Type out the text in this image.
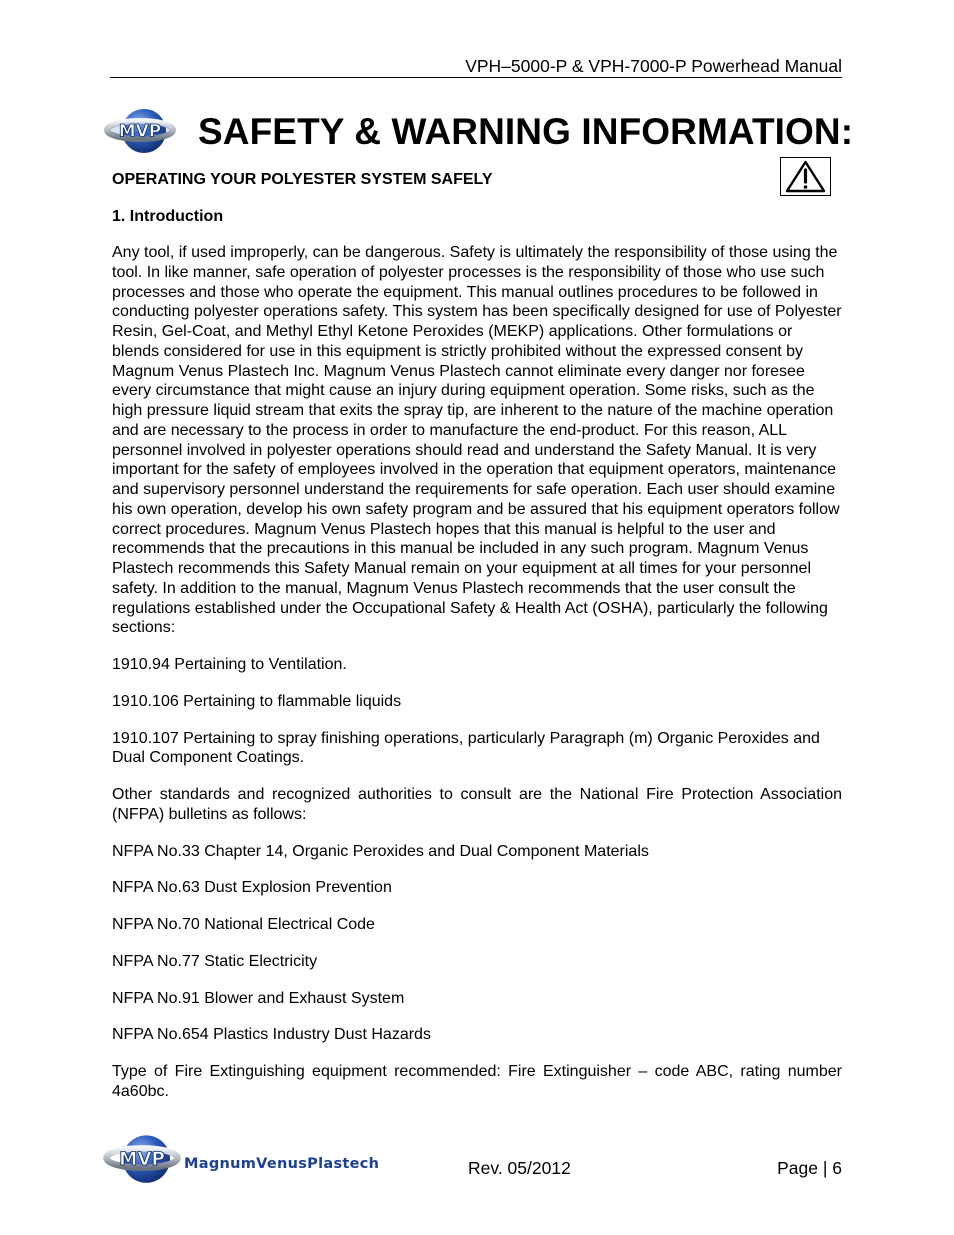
VPH–5000-P & VPH-7000-P Powerhead Manual
MVP SAFETY & WARNING INFORMATION:
OPERATING YOUR POLYESTER SYSTEM SAFELY
1. Introduction

Any tool, if used improperly, can be dangerous. Safety is ultimately the responsibility of those using the tool. In like manner, safe operation of polyester processes is the responsibility of those who use such processes and those who operate the equipment. This manual outlines procedures to be followed in conducting polyester operations safety. This system has been specifically designed for use of Polyester Resin, Gel-Coat, and Methyl Ethyl Ketone Peroxides (MEKP) applications. Other formulations or blends considered for use in this equipment is strictly prohibited without the expressed consent by Magnum Venus Plastech Inc. Magnum Venus Plastech cannot eliminate every danger nor foresee every circumstance that might cause an injury during equipment operation. Some risks, such as the high pressure liquid stream that exits the spray tip, are inherent to the nature of the machine operation and are necessary to the process in order to manufacture the end-product. For this reason, ALL personnel involved in polyester operations should read and understand the Safety Manual. It is very important for the safety of employees involved in the operation that equipment operators, maintenance and supervisory personnel understand the requirements for safe operation. Each user should examine his own operation, develop his own safety program and be assured that his equipment operators follow correct procedures. Magnum Venus Plastech hopes that this manual is helpful to the user and recommends that the precautions in this manual be included in any such program. Magnum Venus Plastech recommends this Safety Manual remain on your equipment at all times for your personnel safety. In addition to the manual, Magnum Venus Plastech recommends that the user consult the regulations established under the Occupational Safety & Health Act (OSHA), particularly the following sections:

1910.94 Pertaining to Ventilation.

1910.106 Pertaining to flammable liquids

1910.107 Pertaining to spray finishing operations, particularly Paragraph (m) Organic Peroxides and Dual Component Coatings.

Other standards and recognized authorities to consult are the National Fire Protection Association (NFPA) bulletins as follows:

NFPA No.33 Chapter 14, Organic Peroxides and Dual Component Materials

NFPA No.63 Dust Explosion Prevention

NFPA No.70 National Electrical Code

NFPA No.77 Static Electricity

NFPA No.91 Blower and Exhaust System

NFPA No.654 Plastics Industry Dust Hazards

Type of Fire Extinguishing equipment recommended: Fire Extinguisher – code ABC, rating number 4a60bc.

MVP MagnumVenusPlastech	Rev. 05/2012	Page | 6
